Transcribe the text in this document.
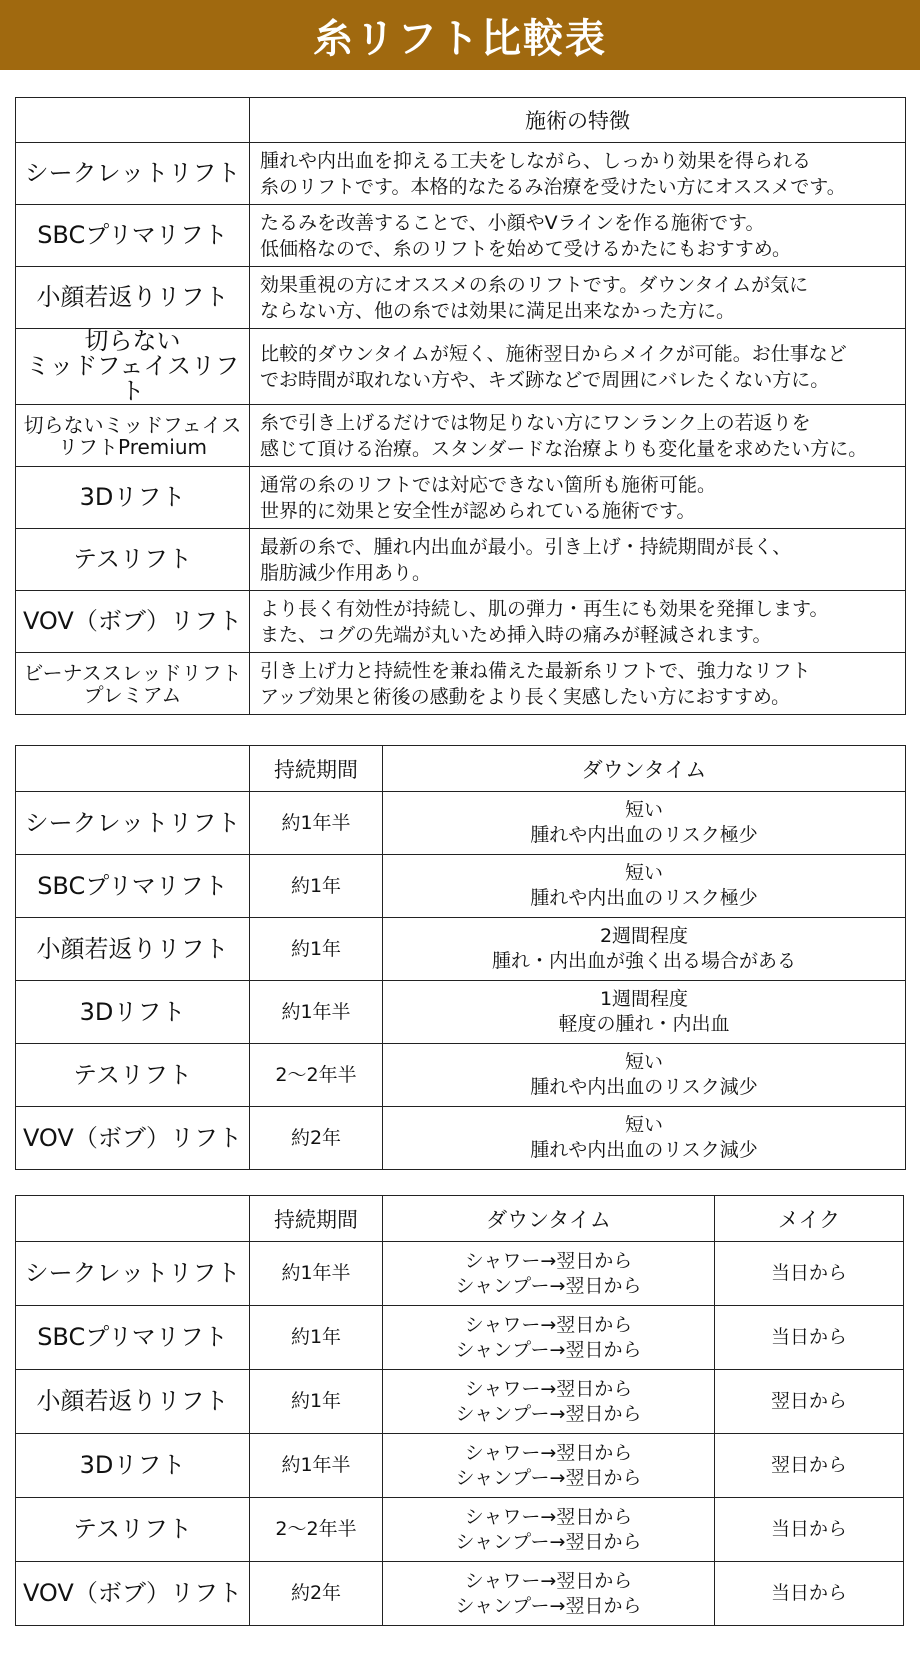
糸リフト比較表
	施術の特徴

シークレットリフト	腫れや内出血を抑える工夫をしながら、しっかり効果を得られる
糸のリフトです。本格的なたるみ治療を受けたい方にオススメです。

SBCプリマリフト	たるみを改善することで、小顔やVラインを作る施術です。
低価格なので、糸のリフトを始めて受けるかたにもおすすめ。

小顔若返りリフト	効果重視の方にオススメの糸のリフトです。ダウンタイムが気に
ならない方、他の糸では効果に満足出来なかった方に。

切らない
ミッドフェイスリフト	比較的ダウンタイムが短く、施術翌日からメイクが可能。お仕事など
でお時間が取れない方や、キズ跡などで周囲にバレたくない方に。

切らないミッドフェイス
リフトPremium	糸で引き上げるだけでは物足りない方にワンランク上の若返りを
感じて頂ける治療。スタンダードな治療よりも変化量を求めたい方に。

3Dリフト	通常の糸のリフトでは対応できない箇所も施術可能。
世界的に効果と安全性が認められている施術です。

テスリフト	最新の糸で、腫れ内出血が最小。引き上げ・持続期間が長く、
脂肪減少作用あり。

VOV（ボブ）リフト	より長く有効性が持続し、肌の弾力・再生にも効果を発揮します。
また、コグの先端が丸いため挿入時の痛みが軽減されます。

ビーナススレッドリフト
プレミアム	引き上げ力と持続性を兼ね備えた最新糸リフトで、強力なリフト
アップ効果と術後の感動をより長く実感したい方におすすめ。
	持続期間	ダウンタイム
シークレットリフト	約1年半	短い
腫れや内出血のリスク極少

SBCプリマリフト	約1年	短い
腫れや内出血のリスク極少

小顔若返りリフト	約1年	2週間程度
腫れ・内出血が強く出る場合がある

3Dリフト	約1年半	1週間程度
軽度の腫れ・内出血

テスリフト	2～2年半	短い
腫れや内出血のリスク減少

VOV（ボブ）リフト	約2年	短い
腫れや内出血のリスク減少
	持続期間	ダウンタイム	メイク
シークレットリフト	約1年半	シャワー→翌日から
シャンプー→翌日から	当日から
SBCプリマリフト	約1年	シャワー→翌日から
シャンプー→翌日から	当日から
小顔若返りリフト	約1年	シャワー→翌日から
シャンプー→翌日から	翌日から
3Dリフト	約1年半	シャワー→翌日から
シャンプー→翌日から	翌日から
テスリフト	2～2年半	シャワー→翌日から
シャンプー→翌日から	当日から
VOV（ボブ）リフト	約2年	シャワー→翌日から
シャンプー→翌日から	当日から
